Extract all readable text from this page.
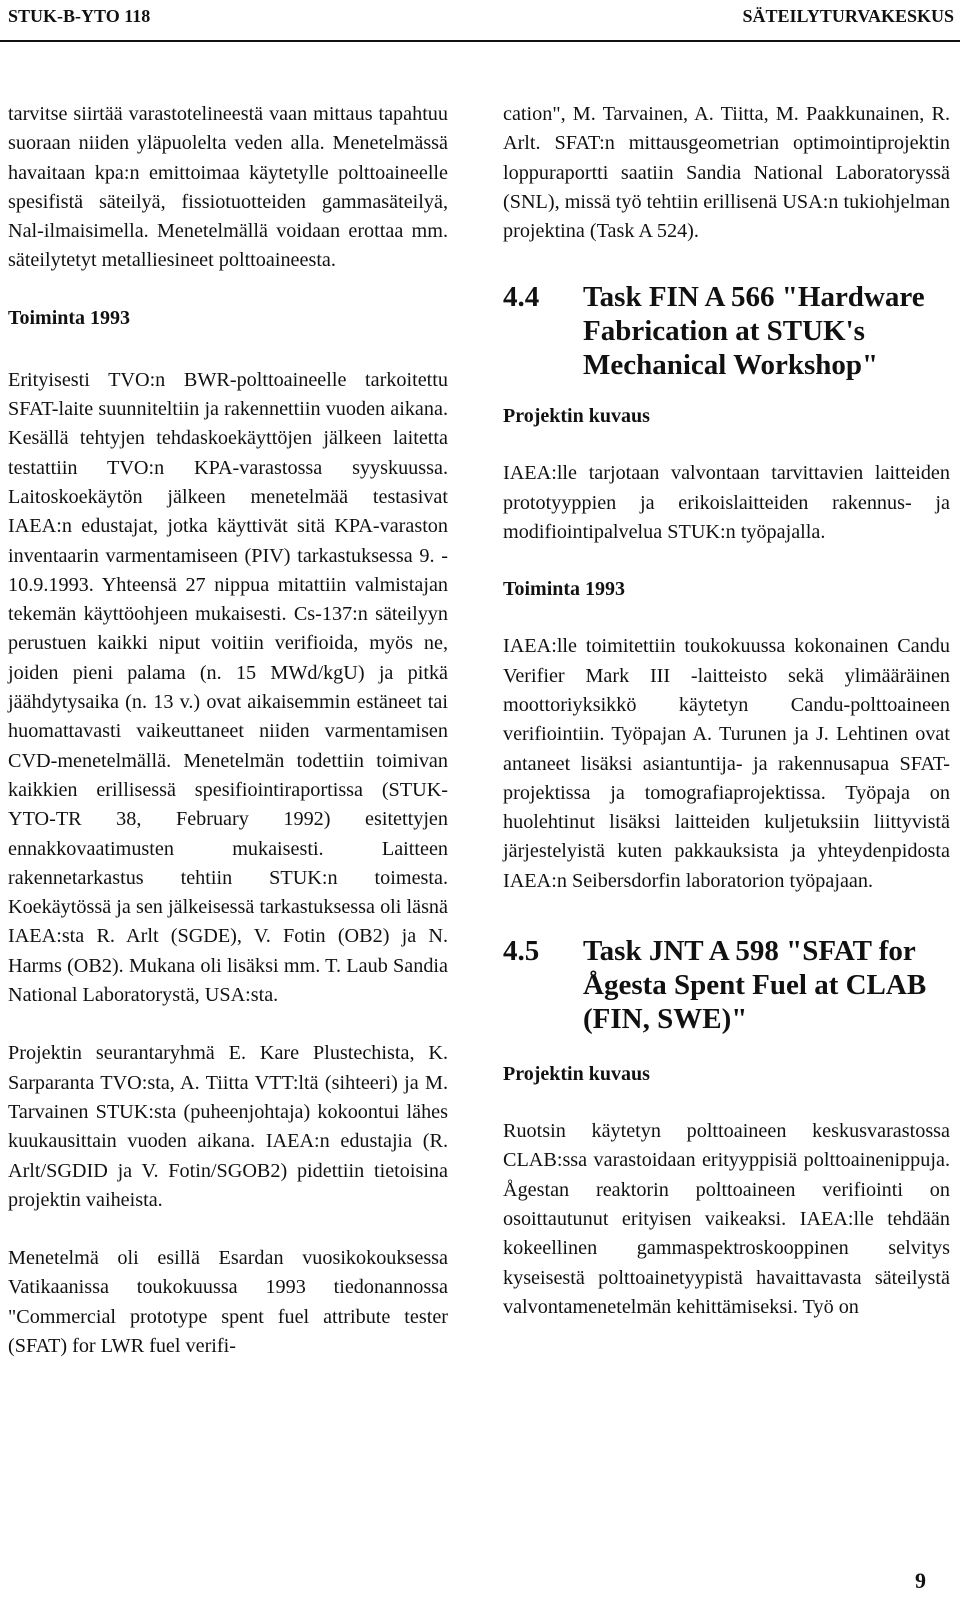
STUK-B-YTO 118	SÄTEILYTURVAKESKUS

tarvitse siirtää varastotelineestä vaan mittaus tapahtuu suoraan niiden yläpuolelta veden alla. Menetelmässä havaitaan kpa:n emittoimaa käytetylle polttoaineelle spesifistä säteilyä, fissiotuotteiden gammasäteilyä, Nal-ilmaisimella. Menetelmällä voidaan erottaa mm. säteilytetyt metalliesineet polttoaineesta.

Toiminta 1993

Erityisesti TVO:n BWR-polttoaineelle tarkoitettu SFAT-laite suunniteltiin ja rakennettiin vuoden aikana. Kesällä tehtyjen tehdaskoekäyttöjen jälkeen laitetta testattiin TVO:n KPA-varastossa syyskuussa. Laitoskoekäytön jälkeen menetelmää testasivat IAEA:n edustajat, jotka käyttivät sitä KPA-varaston inventaarin varmentamiseen (PIV) tarkastuksessa 9. - 10.9.1993. Yhteensä 27 nippua mitattiin valmistajan tekemän käyttöohjeen mukaisesti. Cs-137:n säteilyyn perustuen kaikki niput voitiin verifioida, myös ne, joiden pieni palama (n. 15 MWd/kgU) ja pitkä jäähdytysaika (n. 13 v.) ovat aikaisemmin estäneet tai huomattavasti vaikeuttaneet niiden varmentamisen CVD-menetelmällä. Menetelmän todettiin toimivan kaikkien erillisessä spesifiointiraportissa (STUK-YTO-TR 38, February 1992) esitettyjen ennakkovaatimusten mukaisesti. Laitteen rakennetarkastus tehtiin STUK:n toimesta. Koekäytössä ja sen jälkeisessä tarkastuksessa oli läsnä IAEA:sta R. Arlt (SGDE), V. Fotin (OB2) ja N. Harms (OB2). Mukana oli lisäksi mm. T. Laub Sandia National Laboratorystä, USA:sta.

Projektin seurantaryhmä E. Kare Plustechista, K. Sarparanta TVO:sta, A. Tiitta VTT:ltä (sihteeri) ja M. Tarvainen STUK:sta (puheenjohtaja) kokoontui lähes kuukausittain vuoden aikana. IAEA:n edustajia (R. Arlt/SGDID ja V. Fotin/SGOB2) pidettiin tietoisina projektin vaiheista.

Menetelmä oli esillä Esardan vuosikokouksessa Vatikaanissa toukokuussa 1993 tiedonannossa "Commercial prototype spent fuel attribute tester (SFAT) for LWR fuel verifi-

cation", M. Tarvainen, A. Tiitta, M. Paakkunainen, R. Arlt. SFAT:n mittausgeometrian optimointiprojektin loppuraportti saatiin Sandia National Laboratoryssä (SNL), missä työ tehtiin erillisenä USA:n tukiohjelman projektina (Task A 524).

4.4	Task FIN A 566 "Hardware Fabrication at STUK's Mechanical Workshop"

Projektin kuvaus

IAEA:lle tarjotaan valvontaan tarvittavien laitteiden prototyyppien ja erikoislaitteiden rakennus- ja modifiointipalvelua STUK:n työpajalla.

Toiminta 1993

IAEA:lle toimitettiin toukokuussa kokonainen Candu Verifier Mark III -laitteisto sekä ylimääräinen moottoriyksikkö käytetyn Candu-polttoaineen verifiointiin. Työpajan A. Turunen ja J. Lehtinen ovat antaneet lisäksi asiantuntija- ja rakennusapua SFAT-projektissa ja tomografiaprojektissa. Työpaja on huolehtinut lisäksi laitteiden kuljetuksiin liittyvistä järjestelyistä kuten pakkauksista ja yhteydenpidosta IAEA:n Seibersdorfin laboratorion työpajaan.

4.5	Task JNT A 598 "SFAT for Ågesta Spent Fuel at CLAB (FIN, SWE)"

Projektin kuvaus

Ruotsin käytetyn polttoaineen keskusvarastossa CLAB:ssa varastoidaan erityyppisiä polttoainenippuja. Ågestan reaktorin polttoaineen verifiointi on osoittautunut erityisen vaikeaksi. IAEA:lle tehdään kokeellinen gammaspektroskooppinen selvitys kyseisestä polttoainetyypistä havaittavasta säteilystä valvontamenetelmän kehittämiseksi. Työ on

9
